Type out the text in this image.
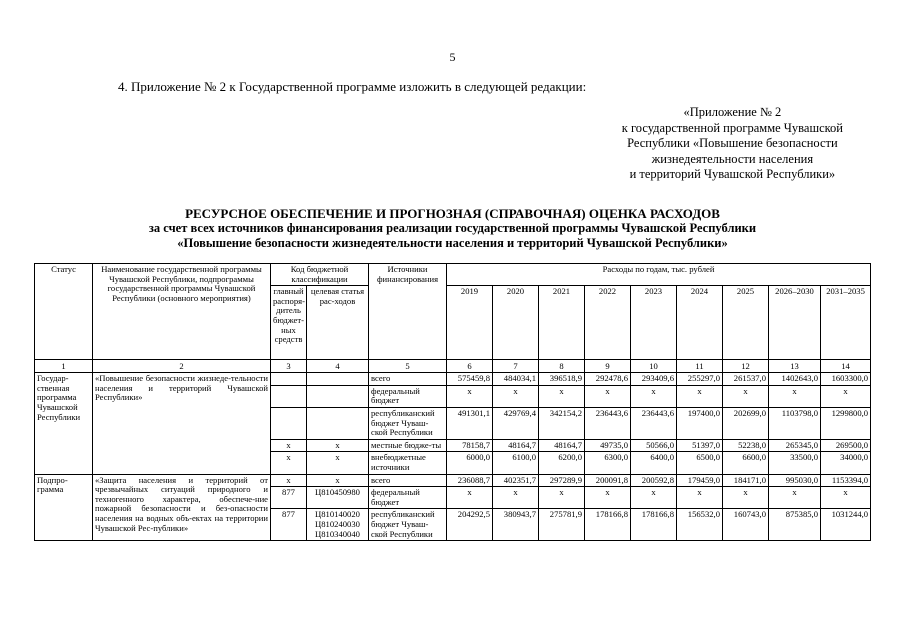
5
4. Приложение № 2 к Государственной программе изложить в следующей редакции:
«Приложение № 2
к государственной программе Чувашской
Республики «Повышение безопасности
жизнедеятельности населения
и территорий Чувашской Республики»
РЕСУРСНОЕ ОБЕСПЕЧЕНИЕ И ПРОГНОЗНАЯ (СПРАВОЧНАЯ) ОЦЕНКА РАСХОДОВ
за счет всех источников финансирования реализации государственной программы Чувашской Республики
«Повышение безопасности жизнедеятельности населения и территорий Чувашской Республики»
Статус	Наименование государственной программы Чувашской Республики, подпрограммы государственной программы Чувашской Республики (основного мероприятия)	Код бюджетной классификации		Источники финансирования	Расходы по годам, тыс. рублей								
		главный распоря-дитель бюджет-ных средств	целевая статья рас-ходов		2019	2020	2021	2022	2023	2024	2025	2026–2030	2031–2035
1	2	3	4	5	6	7	8	9	10	11	12	13	14
Государ-ственная программа Чувашской Республики	«Повышение безопасности жизнеде-тельности населения и территорий Чувашской Республики»			всего	575459,8	484034,1	396518,9	292478,6	293409,6	255297,0	261537,0	1402643,0	1603300,0
				федеральный бюджет	x	x	x	x	x	x	x	x	x
				республиканский бюджет Чуваш-ской Республики	491301,1	429769,4	342154,2	236443,6	236443,6	197400,0	202699,0	1103798,0	1299800,0
		x	x	местные бюдже-ты	78158,7	48164,7	48164,7	49735,0	50566,0	51397,0	52238,0	265345,0	269500,0
		x	x	внебюджетные источники	6000,0	6100,0	6200,0	6300,0	6400,0	6500,0	6600,0	33500,0	34000,0
Подпро-грамма	«Защита населения и территорий от чрезвычайных ситуаций природного и техногенного характера, обеспече-ние пожарной безопасности и без-опасности населения на водных объ-ектах на территории Чувашской Рес-публики»	x	x	всего	236088,7	402351,7	297289,9	200091,8	200592,8	179459,0	184171,0	995030,0	1153394,0
		877	Ц810450980	федеральный бюджет	x	x	x	x	x	x	x	x	x
		877	Ц810140020
Ц810240030
Ц810340040	республиканский бюджет Чуваш-ской Республики	204292,5	380943,7	275781,9	178166,8	178166,8	156532,0	160743,0	875385,0	1031244,0
